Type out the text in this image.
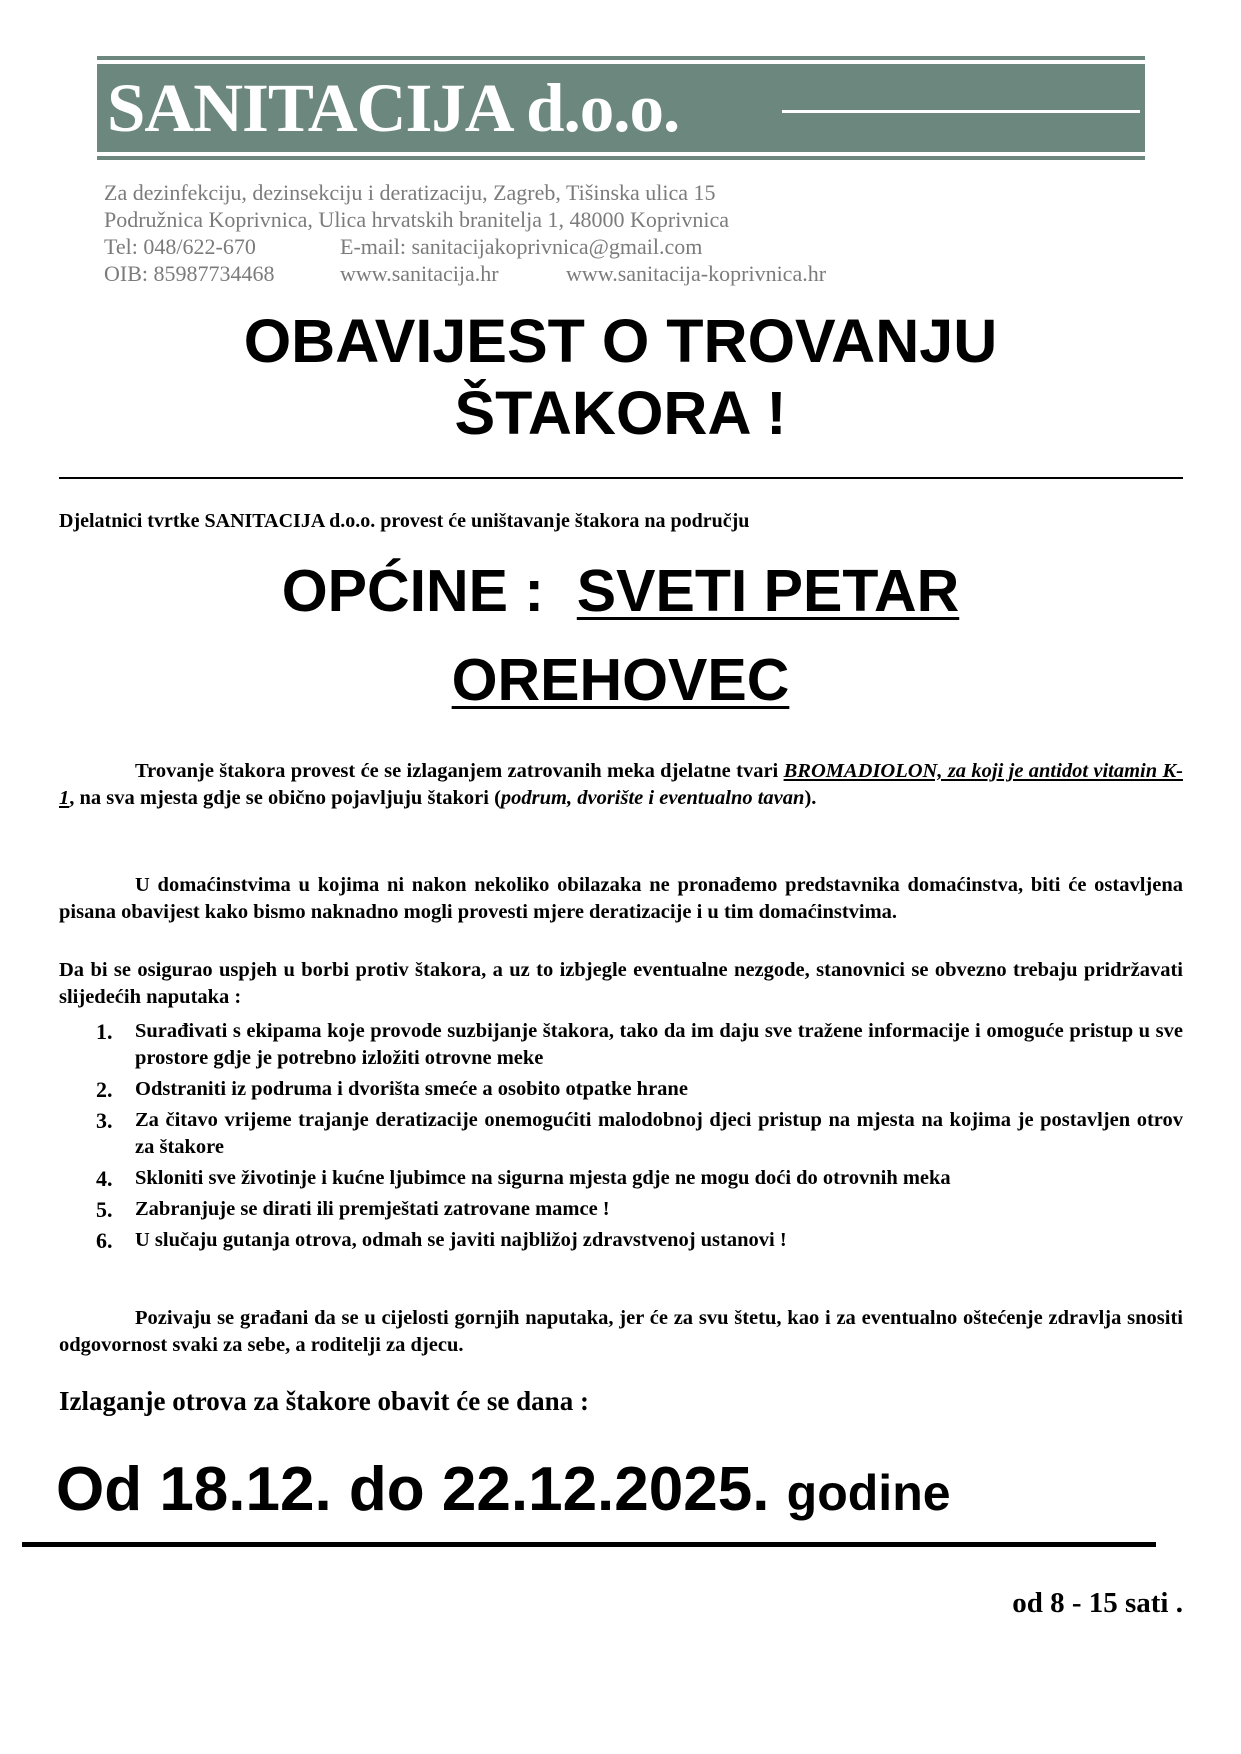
SANITACIJA d.o.o.
Za dezinfekciju, dezinsekciju i deratizaciju, Zagreb, Tišinska ulica 15
Podružnica Koprivnica, Ulica hrvatskih branitelja 1, 48000 Koprivnica
Tel: 048/622-670	E-mail: sanitacijakoprivnica@gmail.com
OIB: 85987734468	www.sanitacija.hr	www.sanitacija-koprivnica.hr
OBAVIJEST O TROVANJU
ŠTAKORA !
Djelatnici tvrtke SANITACIJA d.o.o. provest će uništavanje štakora na području
OPĆINE : SVETI PETAR
OREHOVEC
Trovanje štakora provest će se izlaganjem zatrovanih meka djelatne tvari BROMADIOLON, za koji je antidot vitamin K-1, na sva mjesta gdje se obično pojavljuju štakori (podrum, dvorište i eventualno tavan).
U domaćinstvima u kojima ni nakon nekoliko obilazaka ne pronađemo predstavnika domaćinstva, biti će ostavljena pisana obavijest kako bismo naknadno mogli provesti mjere deratizacije i u tim domaćinstvima.
Da bi se osigurao uspjeh u borbi protiv štakora, a uz to izbjegle eventualne nezgode, stanovnici se obvezno trebaju pridržavati slijedećih naputaka :
1. Surađivati s ekipama koje provode suzbijanje štakora, tako da im daju sve tražene informacije i omoguće pristup u sve prostore gdje je potrebno izložiti otrovne meke
2. Odstraniti iz podruma i dvorišta smeće a osobito otpatke hrane
3. Za čitavo vrijeme trajanje deratizacije onemogućiti malodobnoj djeci pristup na mjesta na kojima je postavljen otrov za štakore
4. Skloniti sve životinje i kućne ljubimce na sigurna mjesta gdje ne mogu doći do otrovnih meka
5. Zabranjuje se dirati ili premještati zatrovane mamce !
6. U slučaju gutanja otrova, odmah se javiti najbližoj zdravstvenoj ustanovi !
Pozivaju se građani da se u cijelosti gornjih naputaka, jer će za svu štetu, kao i za eventualno oštećenje zdravlja snositi odgovornost svaki za sebe, a roditelji za djecu.
Izlaganje otrova za štakore obavit će se dana :
Od 18.12. do 22.12.2025. godine
od 8 - 15 sati .
